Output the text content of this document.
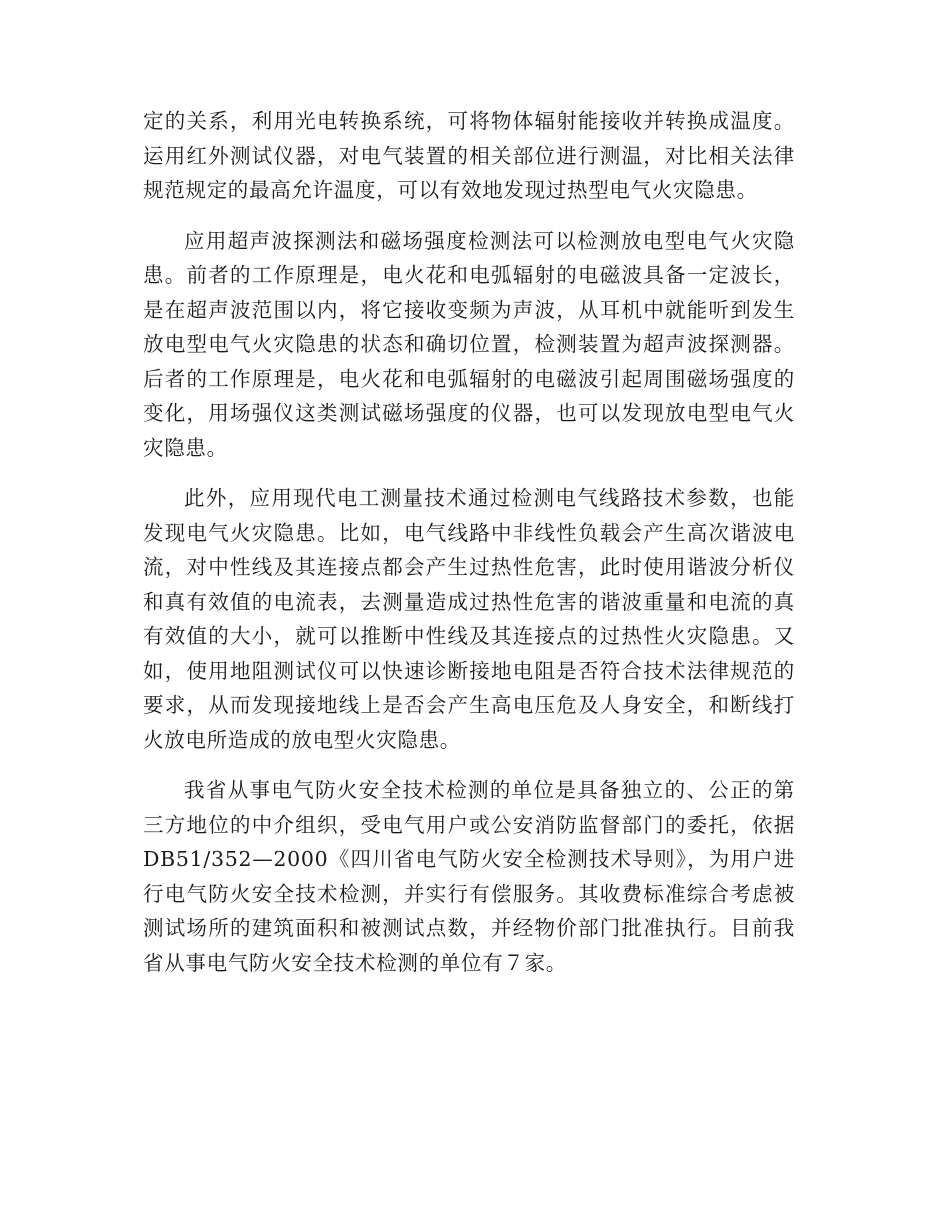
定的关系，利用光电转换系统，可将物体辐射能接收并转换成温度。运用红外测试仪器，对电气装置的相关部位进行测温，对比相关法律规范规定的最高允许温度，可以有效地发现过热型电气火灾隐患。

应用超声波探测法和磁场强度检测法可以检测放电型电气火灾隐患。前者的工作原理是，电火花和电弧辐射的电磁波具备一定波长，是在超声波范围以内，将它接收变频为声波，从耳机中就能听到发生放电型电气火灾隐患的状态和确切位置，检测装置为超声波探测器。后者的工作原理是，电火花和电弧辐射的电磁波引起周围磁场强度的变化，用场强仪这类测试磁场强度的仪器，也可以发现放电型电气火灾隐患。

此外，应用现代电工测量技术通过检测电气线路技术参数，也能发现电气火灾隐患。比如，电气线路中非线性负载会产生高次谐波电流，对中性线及其连接点都会产生过热性危害，此时使用谐波分析仪和真有效值的电流表，去测量造成过热性危害的谐波重量和电流的真有效值的大小，就可以推断中性线及其连接点的过热性火灾隐患。又如，使用地阻测试仪可以快速诊断接地电阻是否符合技术法律规范的要求，从而发现接地线上是否会产生高电压危及人身安全，和断线打火放电所造成的放电型火灾隐患。

我省从事电气防火安全技术检测的单位是具备独立的、公正的第三方地位的中介组织，受电气用户或公安消防监督部门的委托，依据DB51/352—2000《四川省电气防火安全检测技术导则》，为用户进行电气防火安全技术检测，并实行有偿服务。其收费标准综合考虑被测试场所的建筑面积和被测试点数，并经物价部门批准执行。目前我省从事电气防火安全技术检测的单位有７家。
